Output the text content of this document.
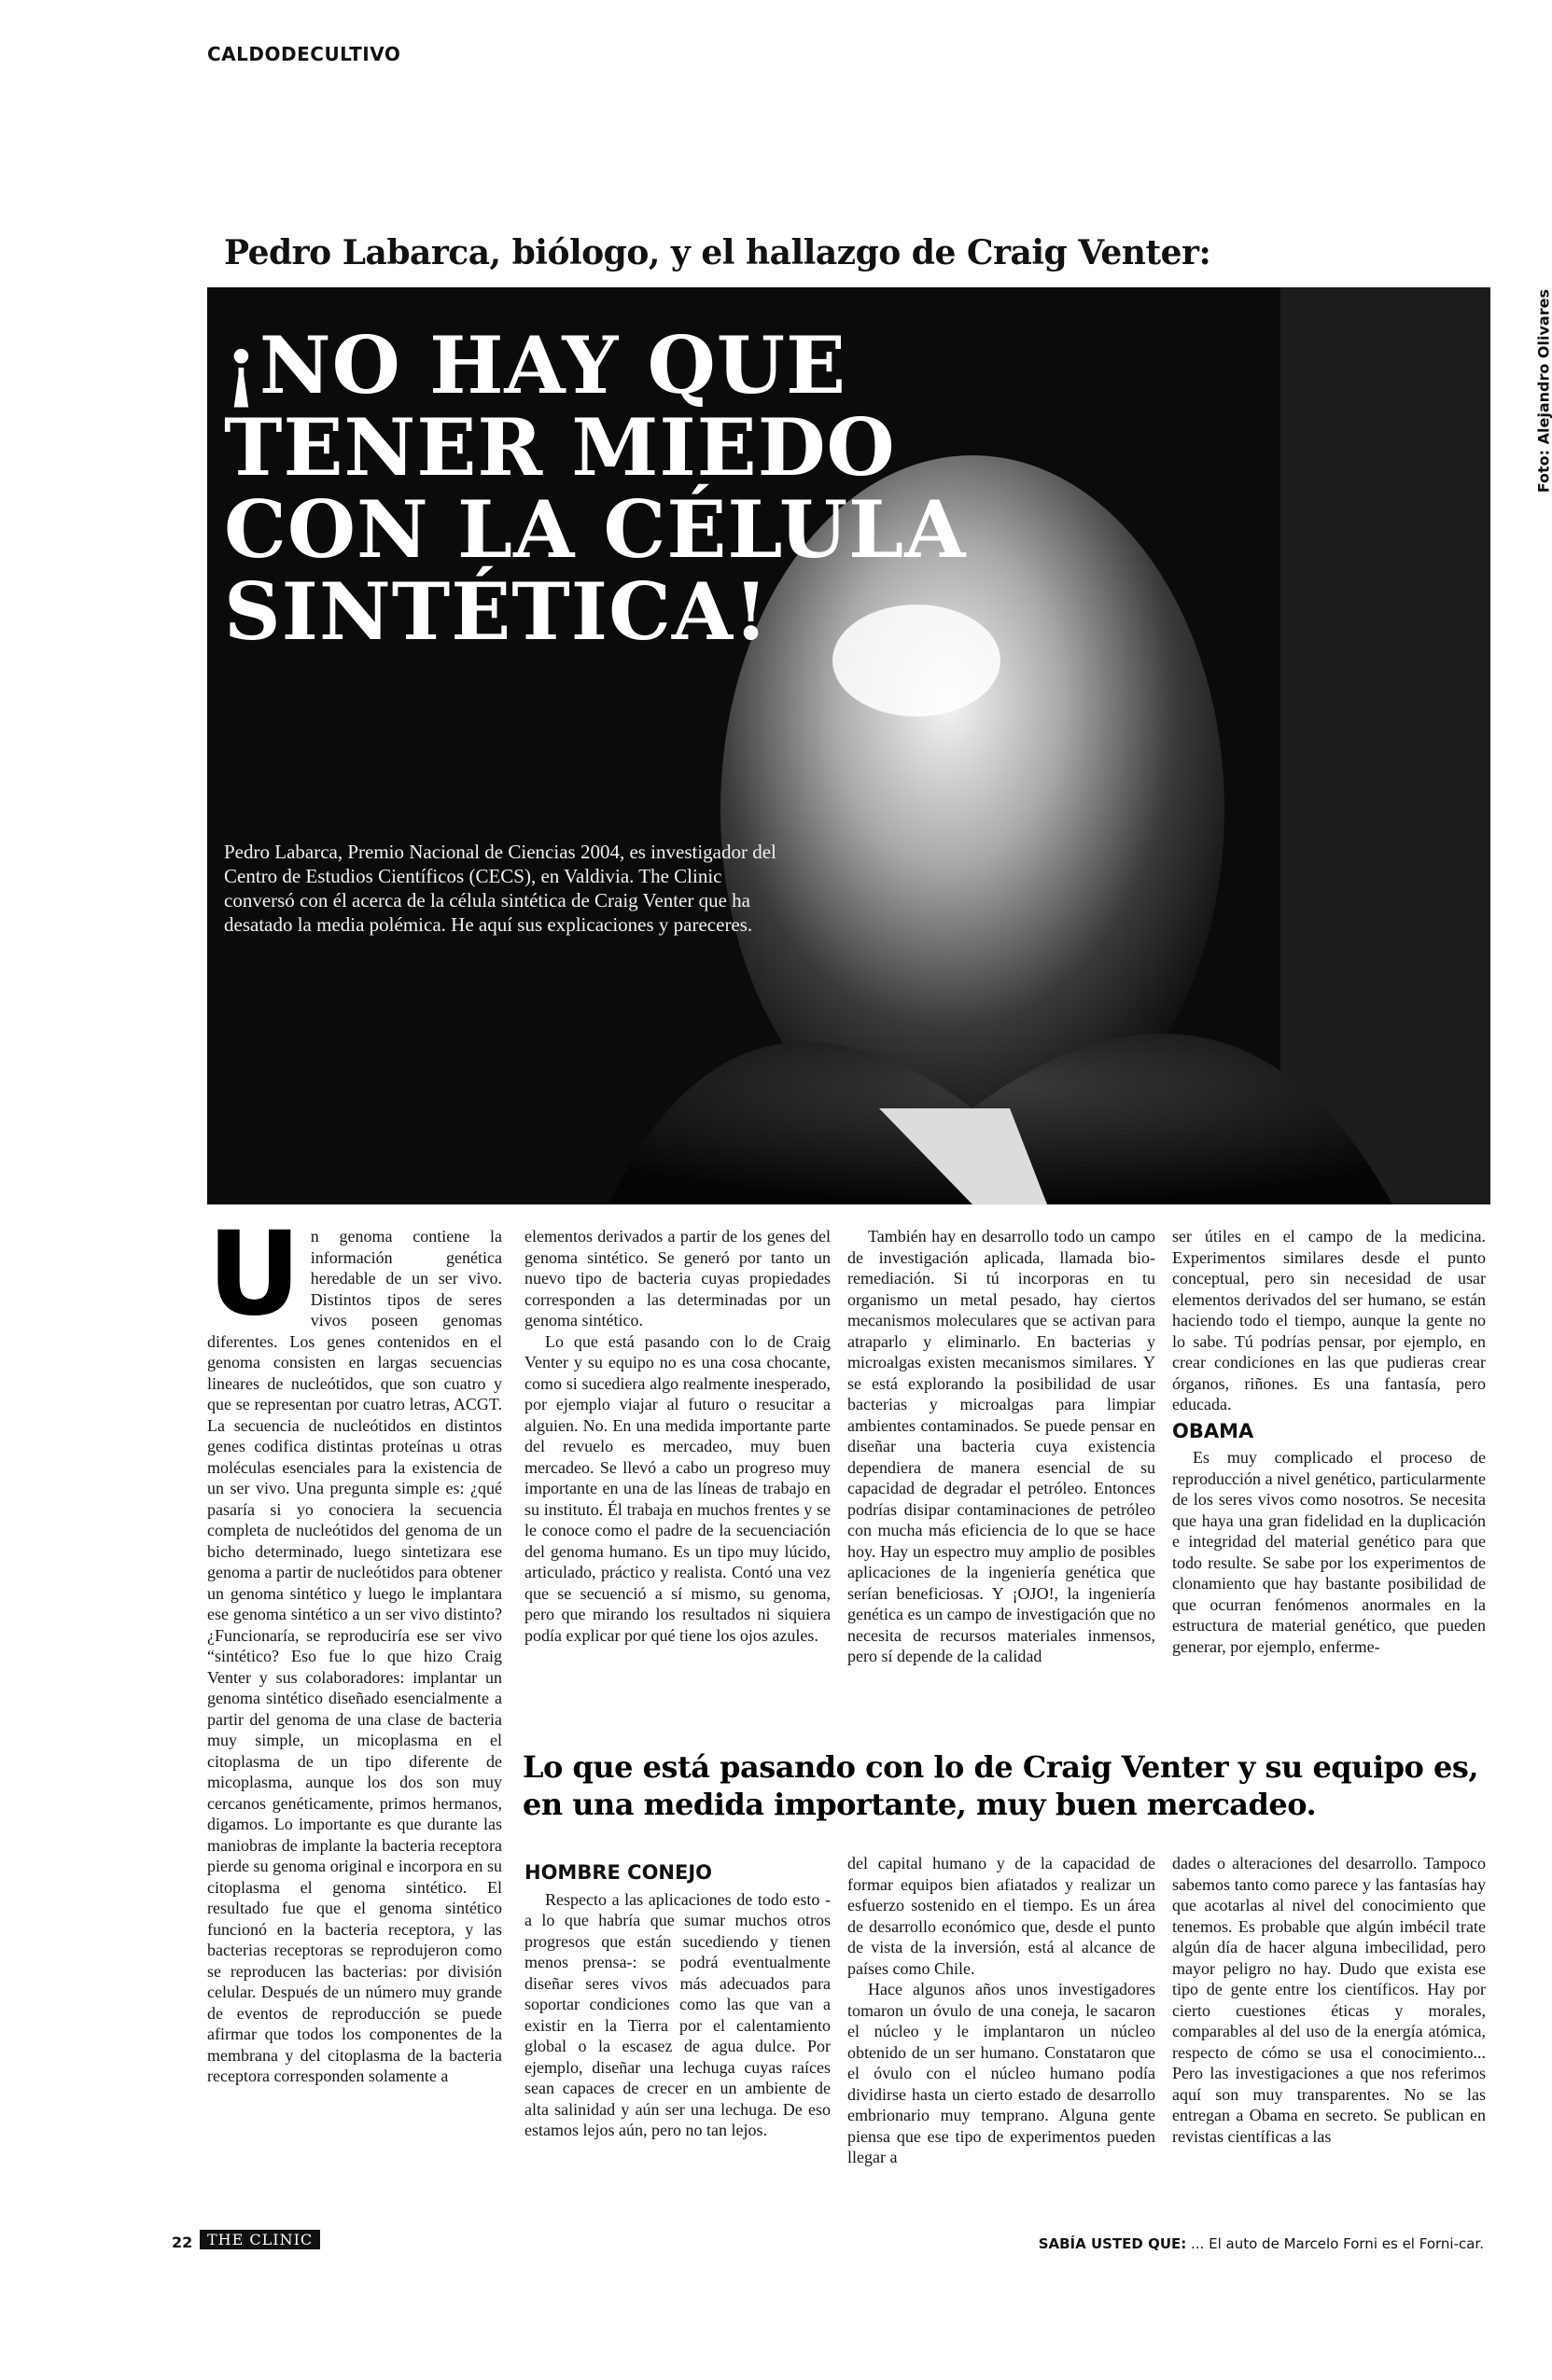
CALDODECULTIVO
Pedro Labarca, biólogo, y el hallazgo de Craig Venter:
Foto: Alejandro Olivares
¡NO HAY QUE TENER MIEDO CON LA CÉLULA SINTÉTICA!
Pedro Labarca, Premio Nacional de Ciencias 2004, es investigador del Centro de Estudios Científicos (CECS), en Valdivia. The Clinic conversó con él acerca de la célula sintética de Craig Venter que ha desatado la media polémica. He aquí sus explicaciones y pareceres.
U n genoma contiene la información genética heredable de un ser vivo. Distintos tipos de seres vivos poseen genomas diferentes. Los genes contenidos en el genoma consisten en largas secuencias lineares de nucleótidos, que son cuatro y que se representan por cuatro letras, ACGT. La secuencia de nucleótidos en distintos genes codifica distintas proteínas u otras moléculas esenciales para la existencia de un ser vivo. Una pregunta simple es: ¿qué pasaría si yo conociera la secuencia completa de nucleótidos del genoma de un bicho determinado, luego sintetizara ese genoma a partir de nucleótidos para obtener un genoma sintético y luego le implantara ese genoma sintético a un ser vivo distinto? ¿Funcionaría, se reproduciría ese ser vivo “sintético? Eso fue lo que hizo Craig Venter y sus colaboradores: implantar un genoma sintético diseñado esencialmente a partir del genoma de una clase de bacteria muy simple, un micoplasma en el citoplasma de un tipo diferente de micoplasma, aunque los dos son muy cercanos genéticamente, primos hermanos, digamos. Lo importante es que durante las maniobras de implante la bacteria receptora pierde su genoma original e incorpora en su citoplasma el genoma sintético. El resultado fue que el genoma sintético funcionó en la bacteria receptora, y las bacterias receptoras se reprodujeron como se reproducen las bacterias: por división celular. Después de un número muy grande de eventos de reproducción se puede afirmar que todos los componentes de la membrana y del citoplasma de la bacteria receptora corresponden solamente a

elementos derivados a partir de los genes del genoma sintético. Se generó por tanto un nuevo tipo de bacteria cuyas propiedades corresponden a las determinadas por un genoma sintético.

Lo que está pasando con lo de Craig Venter y su equipo no es una cosa chocante, como si sucediera algo realmente inesperado, por ejemplo viajar al futuro o resucitar a alguien. No. En una medida importante parte del revuelo es mercadeo, muy buen mercadeo. Se llevó a cabo un progreso muy importante en una de las líneas de trabajo en su instituto. Él trabaja en muchos frentes y se le conoce como el padre de la secuenciación del genoma humano. Es un tipo muy lúcido, articulado, práctico y realista. Contó una vez que se secuenció a sí mismo, su genoma, pero que mirando los resultados ni siquiera podía explicar por qué tiene los ojos azules.

También hay en desarrollo todo un campo de investigación aplicada, llamada bio-remediación. Si tú incorporas en tu organismo un metal pesado, hay ciertos mecanismos moleculares que se activan para atraparlo y eliminarlo. En bacterias y microalgas existen mecanismos similares. Y se está explorando la posibilidad de usar bacterias y microalgas para limpiar ambientes contaminados. Se puede pensar en diseñar una bacteria cuya existencia dependiera de manera esencial de su capacidad de degradar el petróleo. Entonces podrías disipar contaminaciones de petróleo con mucha más eficiencia de lo que se hace hoy. Hay un espectro muy amplio de posibles aplicaciones de la ingeniería genética que serían beneficiosas. Y ¡OJO!, la ingeniería genética es un campo de investigación que no necesita de recursos materiales inmensos, pero sí depende de la calidad

ser útiles en el campo de la medicina. Experimentos similares desde el punto conceptual, pero sin necesidad de usar elementos derivados del ser humano, se están haciendo todo el tiempo, aunque la gente no lo sabe. Tú podrías pensar, por ejemplo, en crear condiciones en las que pudieras crear órganos, riñones. Es una fantasía, pero educada.

OBAMA

Es muy complicado el proceso de reproducción a nivel genético, particularmente de los seres vivos como nosotros. Se necesita que haya una gran fidelidad en la duplicación e integridad del material genético para que todo resulte. Se sabe por los experimentos de clonamiento que hay bastante posibilidad de que ocurran fenómenos anormales en la estructura de material genético, que pueden generar, por ejemplo, enferme-

Lo que está pasando con lo de Craig Venter y su equipo es, en una medida importante, muy buen mercadeo.
HOMBRE CONEJO

Respecto a las aplicaciones de todo esto -a lo que habría que sumar muchos otros progresos que están sucediendo y tienen menos prensa-: se podrá eventualmente diseñar seres vivos más adecuados para soportar condiciones como las que van a existir en la Tierra por el calentamiento global o la escasez de agua dulce. Por ejemplo, diseñar una lechuga cuyas raíces sean capaces de crecer en un ambiente de alta salinidad y aún ser una lechuga. De eso estamos lejos aún, pero no tan lejos.

del capital humano y de la capacidad de formar equipos bien afiatados y realizar un esfuerzo sostenido en el tiempo. Es un área de desarrollo económico que, desde el punto de vista de la inversión, está al alcance de países como Chile.

Hace algunos años unos investigadores tomaron un óvulo de una coneja, le sacaron el núcleo y le implantaron un núcleo obtenido de un ser humano. Constataron que el óvulo con el núcleo humano podía dividirse hasta un cierto estado de desarrollo embrionario muy temprano. Alguna gente piensa que ese tipo de experimentos pueden llegar a

dades o alteraciones del desarrollo. Tampoco sabemos tanto como parece y las fantasías hay que acotarlas al nivel del conocimiento que tenemos. Es probable que algún imbécil trate algún día de hacer alguna imbecilidad, pero mayor peligro no hay. Dudo que exista ese tipo de gente entre los científicos. Hay por cierto cuestiones éticas y morales, comparables al del uso de la energía atómica, respecto de cómo se usa el conocimiento... Pero las investigaciones a que nos referimos aquí son muy transparentes. No se las entregan a Obama en secreto. Se publican en revistas científicas a las

22 THE CLINIC	SABÍA USTED QUE: ... El auto de Marcelo Forni es el Forni-car.
